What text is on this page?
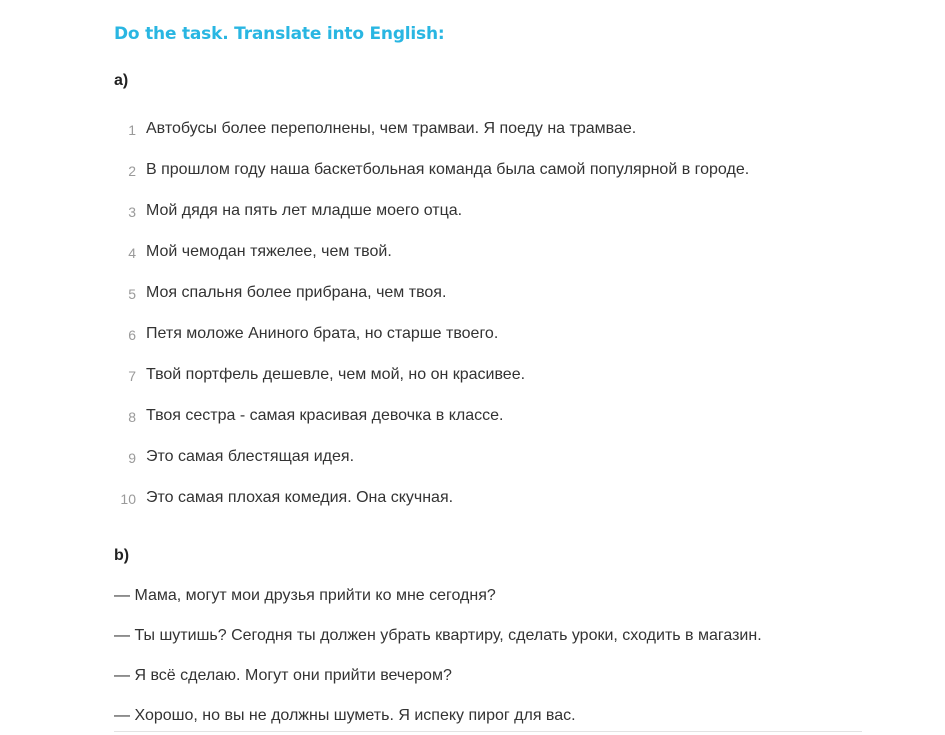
Do the task. Translate into English:
a)
1 Автобусы более переполнены, чем трамваи. Я поеду на трамвае.
2 В прошлом году наша баскетбольная команда была самой популярной в городе.
3 Мой дядя на пять лет младше моего отца.
4 Мой чемодан тяжелее, чем твой.
5 Моя спальня более прибрана, чем твоя.
6 Петя моложе Аниного брата, но старше твоего.
7 Твой портфель дешевле, чем мой, но он красивее.
8 Твоя сестра - самая красивая девочка в классе.
9 Это самая блестящая идея.
10 Это самая плохая комедия. Она скучная.
b)
— Мама, могут мои друзья прийти ко мне сегодня?
— Ты шутишь? Сегодня ты должен убрать квартиру, сделать уроки, сходить в магазин.
— Я всё сделаю. Могут они прийти вечером?
— Хорошо, но вы не должны шуметь. Я испеку пирог для вас.
